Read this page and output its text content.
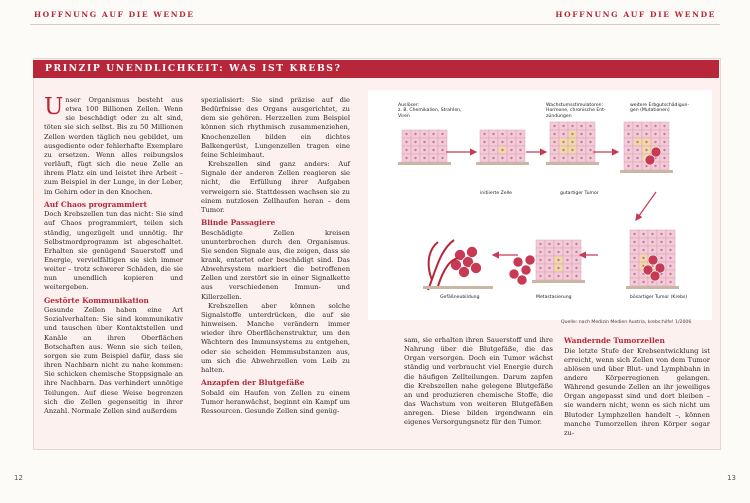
HOFFNUNG AUF DIE WENDE	HOFFNUNG AUF DIE WENDE
PRINZIP UNENDLICHKEIT: WAS IST KREBS?

Unser Organismus besteht aus etwa 100 Billionen Zellen. Wenn sie beschädigt oder zu alt sind, töten sie sich selbst. Bis zu 50 Millionen Zellen werden täglich neu gebildet, um ausgediente oder fehlerhafte Exemplare zu ersetzen. Wenn alles reibungslos verläuft, fügt sich die neue Zelle an ihrem Platz ein und leistet ihre Arbeit – zum Beispiel in der Lunge, in der Leber, im Gehirn oder in den Knochen.

Auf Chaos programmiert

Doch Krebszellen tun das nicht: Sie sind auf Chaos programmiert, teilen sich ständig, ungezügelt und unnötig. Ihr Selbstmordprogramm ist abgeschaltet. Erhalten sie genügend Sauerstoff und Energie, vervielfältigen sie sich immer weiter – trotz schwerer Schäden, die sie nun unendlich kopieren und weitergeben.

Gestörte Kommunikation

Gesunde Zellen haben eine Art Sozialverhalten: Sie sind kommunikativ und tauschen über Kontaktstellen und Kanäle an ihren Oberflächen Botschaften aus. Wenn sie sich teilen, sorgen sie zum Beispiel dafür, dass sie ihren Nachbarn nicht zu nahe kommen: Sie schicken chemische Stoppsignale an ihre Nachbarn. Das verhindert unnötige Teilungen. Auf diese Weise begrenzen sich die Zellen gegenseitig in ihrer Anzahl. Normale Zellen sind außerdem

spezialisiert: Sie sind präzise auf die Bedürfnisse des Organs ausgerichtet, zu dem sie gehören. Herzzellen zum Beispiel können sich rhythmisch zusammenziehen, Knochenzellen bilden ein dichtes Balkengerüst, Lungenzellen tragen eine feine Schleimhaut.

Krebszellen sind ganz anders: Auf Signale der anderen Zellen reagieren sie nicht, die Erfüllung ihrer Aufgaben verweigern sie. Stattdessen wachsen sie zu einem nutzlosen Zellhaufen heran – dem Tumor.

Blinde Passagiere

Beschädigte Zellen kreisen ununterbrochen durch den Organismus. Sie senden Signale aus, die zeigen, dass sie krank, entartet oder beschädigt sind. Das Abwehrsystem markiert die betroffenen Zellen und zerstört sie in einer Signalkette aus verschiedenen Immun- und Killerzellen.

Krebszellen aber können solche Signalstoffe unterdrücken, die auf sie hinweisen. Manche verändern immer wieder ihre Oberflächenstruktur, um den Wächtern des Immunsystems zu entgehen, oder sie scheiden Hemmsubstanzen aus, um sich die Abwehrzellen vom Leib zu halten.

Anzapfen der Blutgefäße

Sobald ein Haufen von Zellen zu einem Tumor heranwächst, beginnt ein Kampf um Ressourcen. Gesunde Zellen sind genüg-

sam, sie erhalten ihren Sauerstoff und ihre Nahrung über die Blutgefäße, die das Organ versorgen. Doch ein Tumor wächst ständig und verbraucht viel Energie durch die häufigen Zellteilungen. Darum zapfen die Krebszellen nahe gelegene Blutgefäße an und produzieren chemische Stoffe, die das Wachstum von weiteren Blutgefäßen anregen. Diese bilden irgendwann ein eigenes Versorgungsnetz für den Tumor.

Wandernde Tumorzellen

Die letzte Stufe der Krebsentwicklung ist erreicht, wenn sich Zellen von dem Tumor ablösen und über Blut- und Lymphbahn in andere Körperregionen gelangen. Während gesunde Zellen an ihr jeweiliges Organ angepasst sind und dort bleiben – sie wandern nicht, wenn es sich nicht um Blutoder Lymphzellen handelt –, können manche Tumorzellen ihren Körper sogar zu-

Auslöser:
z. B. Chemikalien, Strahlen,
Viren
Wachstumsstimulatoren:
Hormone, chronische Ent-
zündungen
weitere Erbgutschädigun-
gen (Mutationen)
initiierte Zelle	gutartiger Tumor
Gefäßneubildung	Metastasierung	bösartiger Tumor (Krebs)
Quelle: nach Medizin Medien Austria, krebs:hilfe! 1/2006
12	13
